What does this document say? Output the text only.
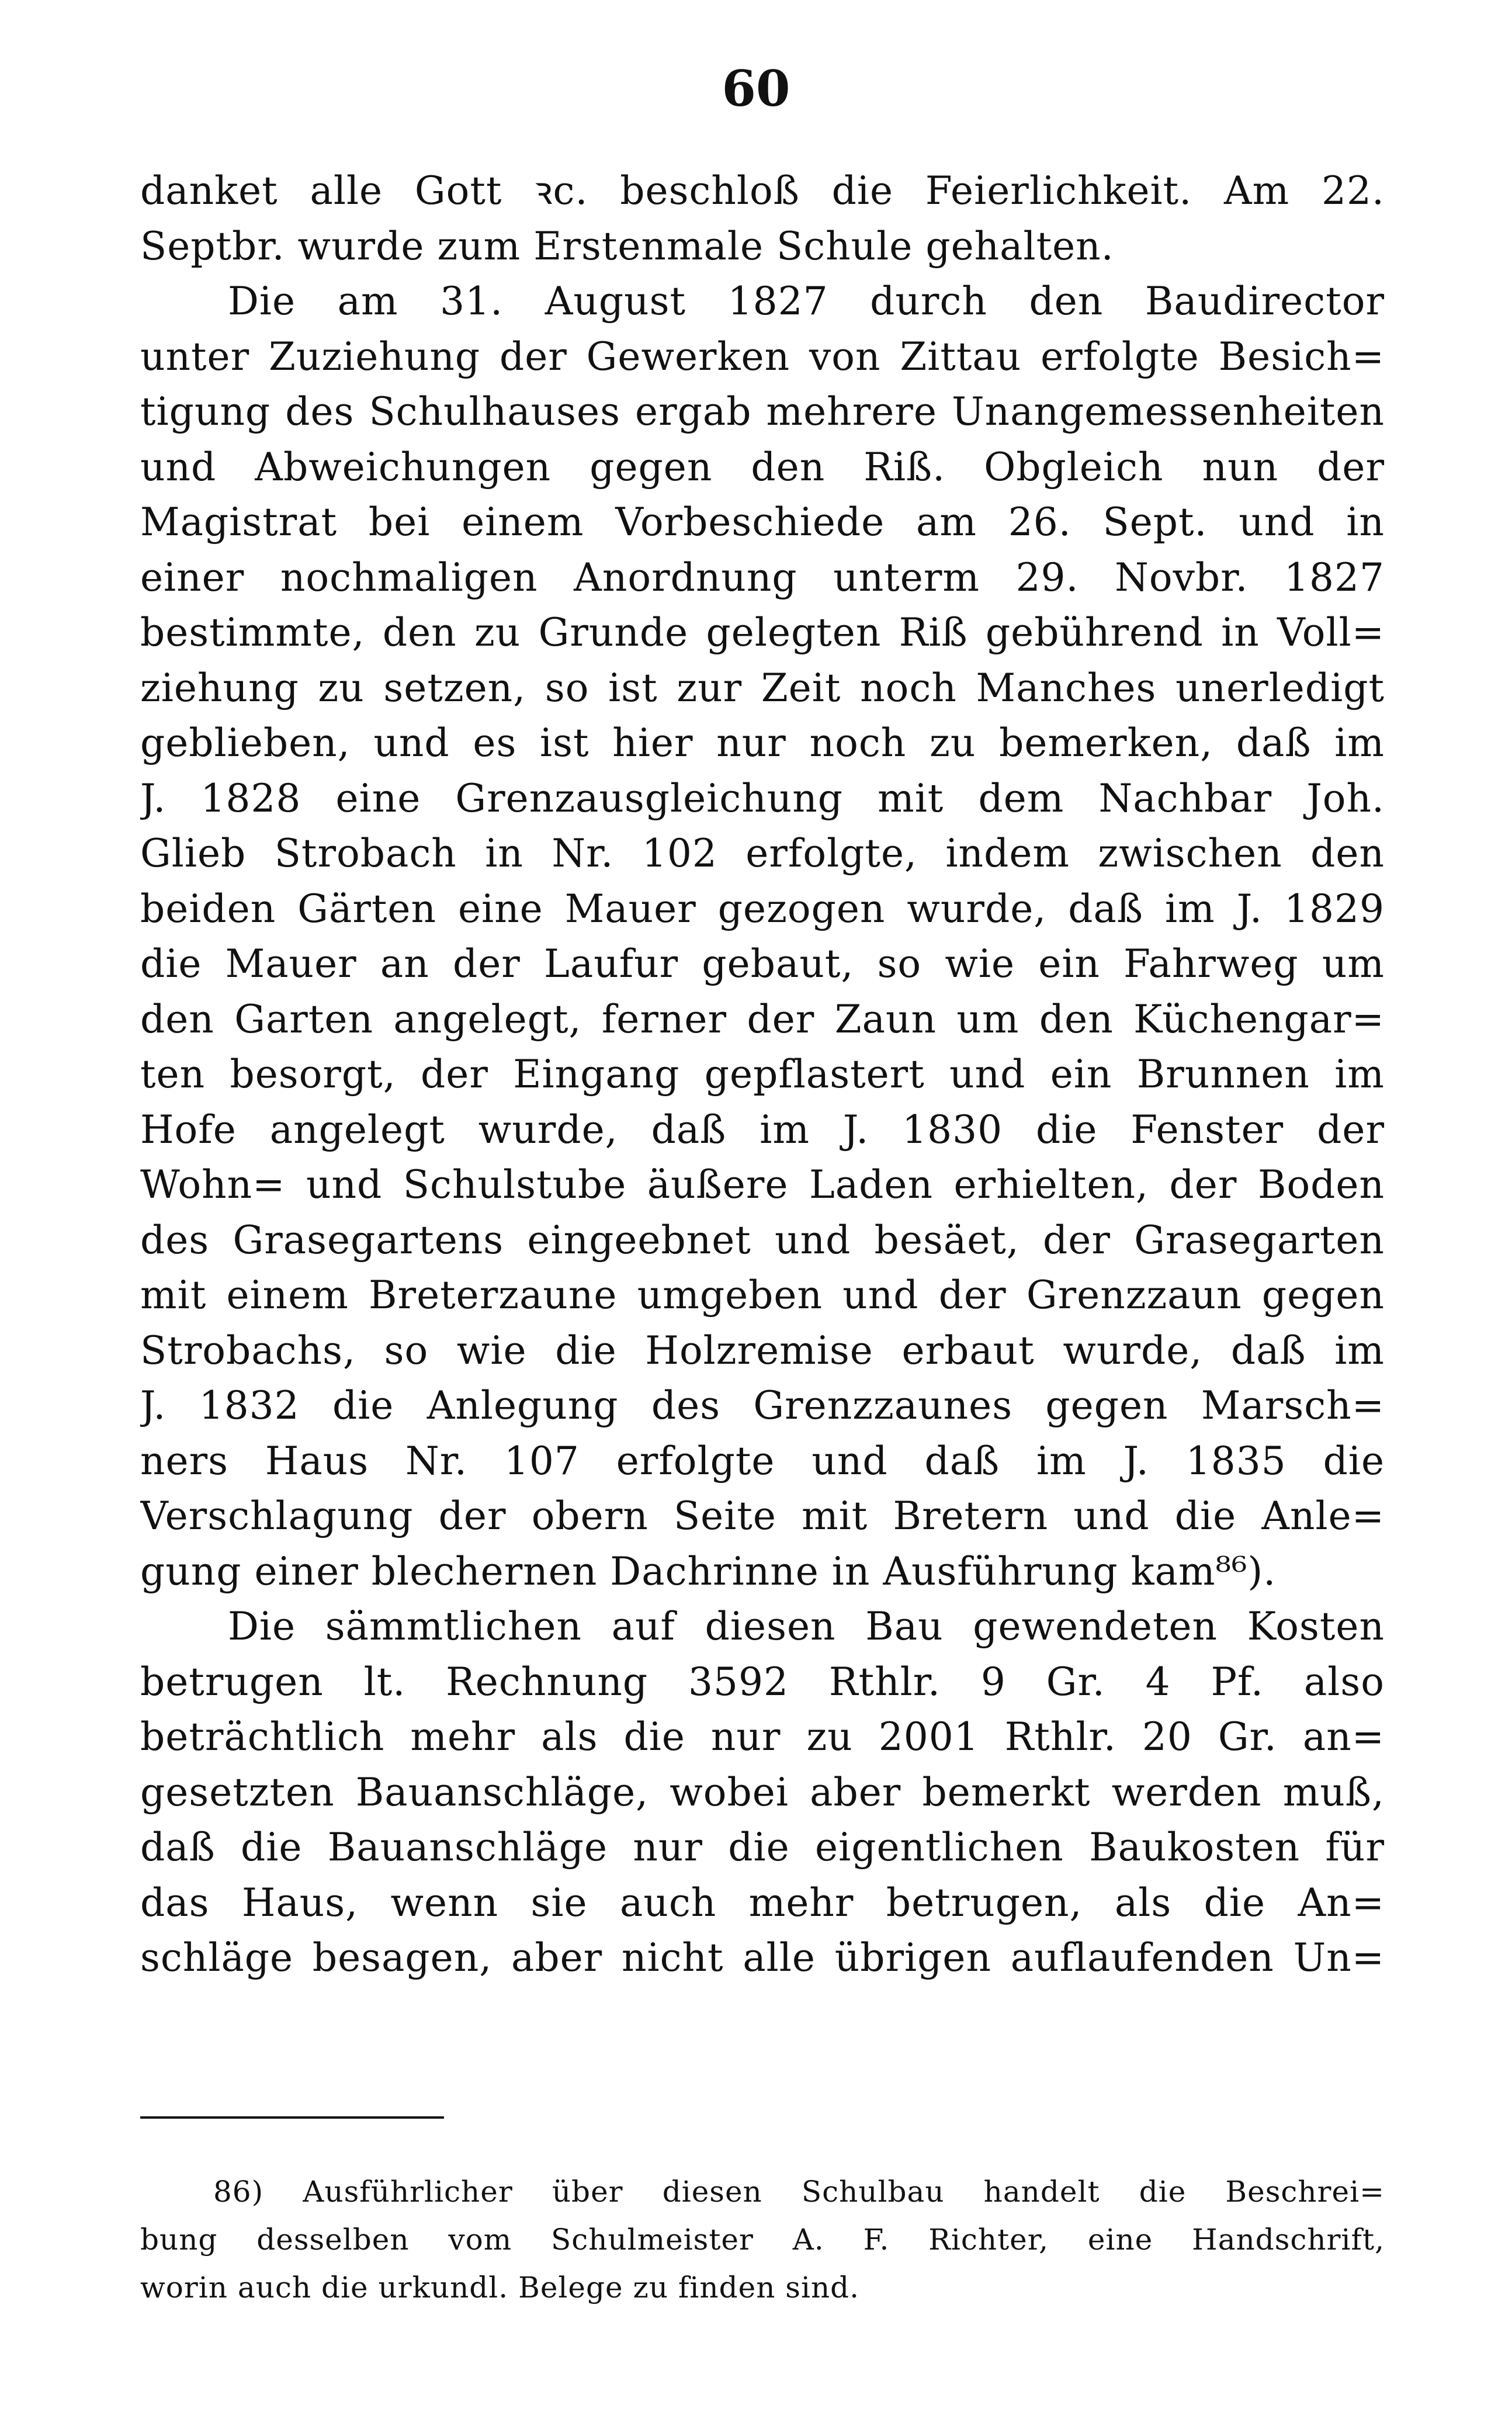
60
danket alle Gott ꝛc. beschloß die Feierlichkeit. Am 22.
Septbr. wurde zum Erstenmale Schule gehalten.
Die am 31. August 1827 durch den Baudirector
unter Zuziehung der Gewerken von Zittau erfolgte Besich=
tigung des Schulhauses ergab mehrere Unangemessenheiten
und Abweichungen gegen den Riß. Obgleich nun der
Magistrat bei einem Vorbeschiede am 26. Sept. und in
einer nochmaligen Anordnung unterm 29. Novbr. 1827
bestimmte, den zu Grunde gelegten Riß gebührend in Voll=
ziehung zu setzen, so ist zur Zeit noch Manches unerledigt
geblieben, und es ist hier nur noch zu bemerken, daß im
J. 1828 eine Grenzausgleichung mit dem Nachbar Joh.
Glieb Strobach in Nr. 102 erfolgte, indem zwischen den
beiden Gärten eine Mauer gezogen wurde, daß im J. 1829
die Mauer an der Laufur gebaut, so wie ein Fahrweg um
den Garten angelegt, ferner der Zaun um den Küchengar=
ten besorgt, der Eingang gepflastert und ein Brunnen im
Hofe angelegt wurde, daß im J. 1830 die Fenster der
Wohn= und Schulstube äußere Laden erhielten, der Boden
des Grasegartens eingeebnet und besäet, der Grasegarten
mit einem Breterzaune umgeben und der Grenzzaun gegen
Strobachs, so wie die Holzremise erbaut wurde, daß im
J. 1832 die Anlegung des Grenzzaunes gegen Marsch=
ners Haus Nr. 107 erfolgte und daß im J. 1835 die
Verschlagung der obern Seite mit Bretern und die Anle=
gung einer blechernen Dachrinne in Ausführung kam⁸⁶).
Die sämmtlichen auf diesen Bau gewendeten Kosten
betrugen lt. Rechnung 3592 Rthlr. 9 Gr. 4 Pf. also
beträchtlich mehr als die nur zu 2001 Rthlr. 20 Gr. an=
gesetzten Bauanschläge, wobei aber bemerkt werden muß,
daß die Bauanschläge nur die eigentlichen Baukosten für
das Haus, wenn sie auch mehr betrugen, als die An=
schläge besagen, aber nicht alle übrigen auflaufenden Un=
86) Ausführlicher über diesen Schulbau handelt die Beschrei=
bung desselben vom Schulmeister A. F. Richter, eine Handschrift,
worin auch die urkundl. Belege zu finden sind.
